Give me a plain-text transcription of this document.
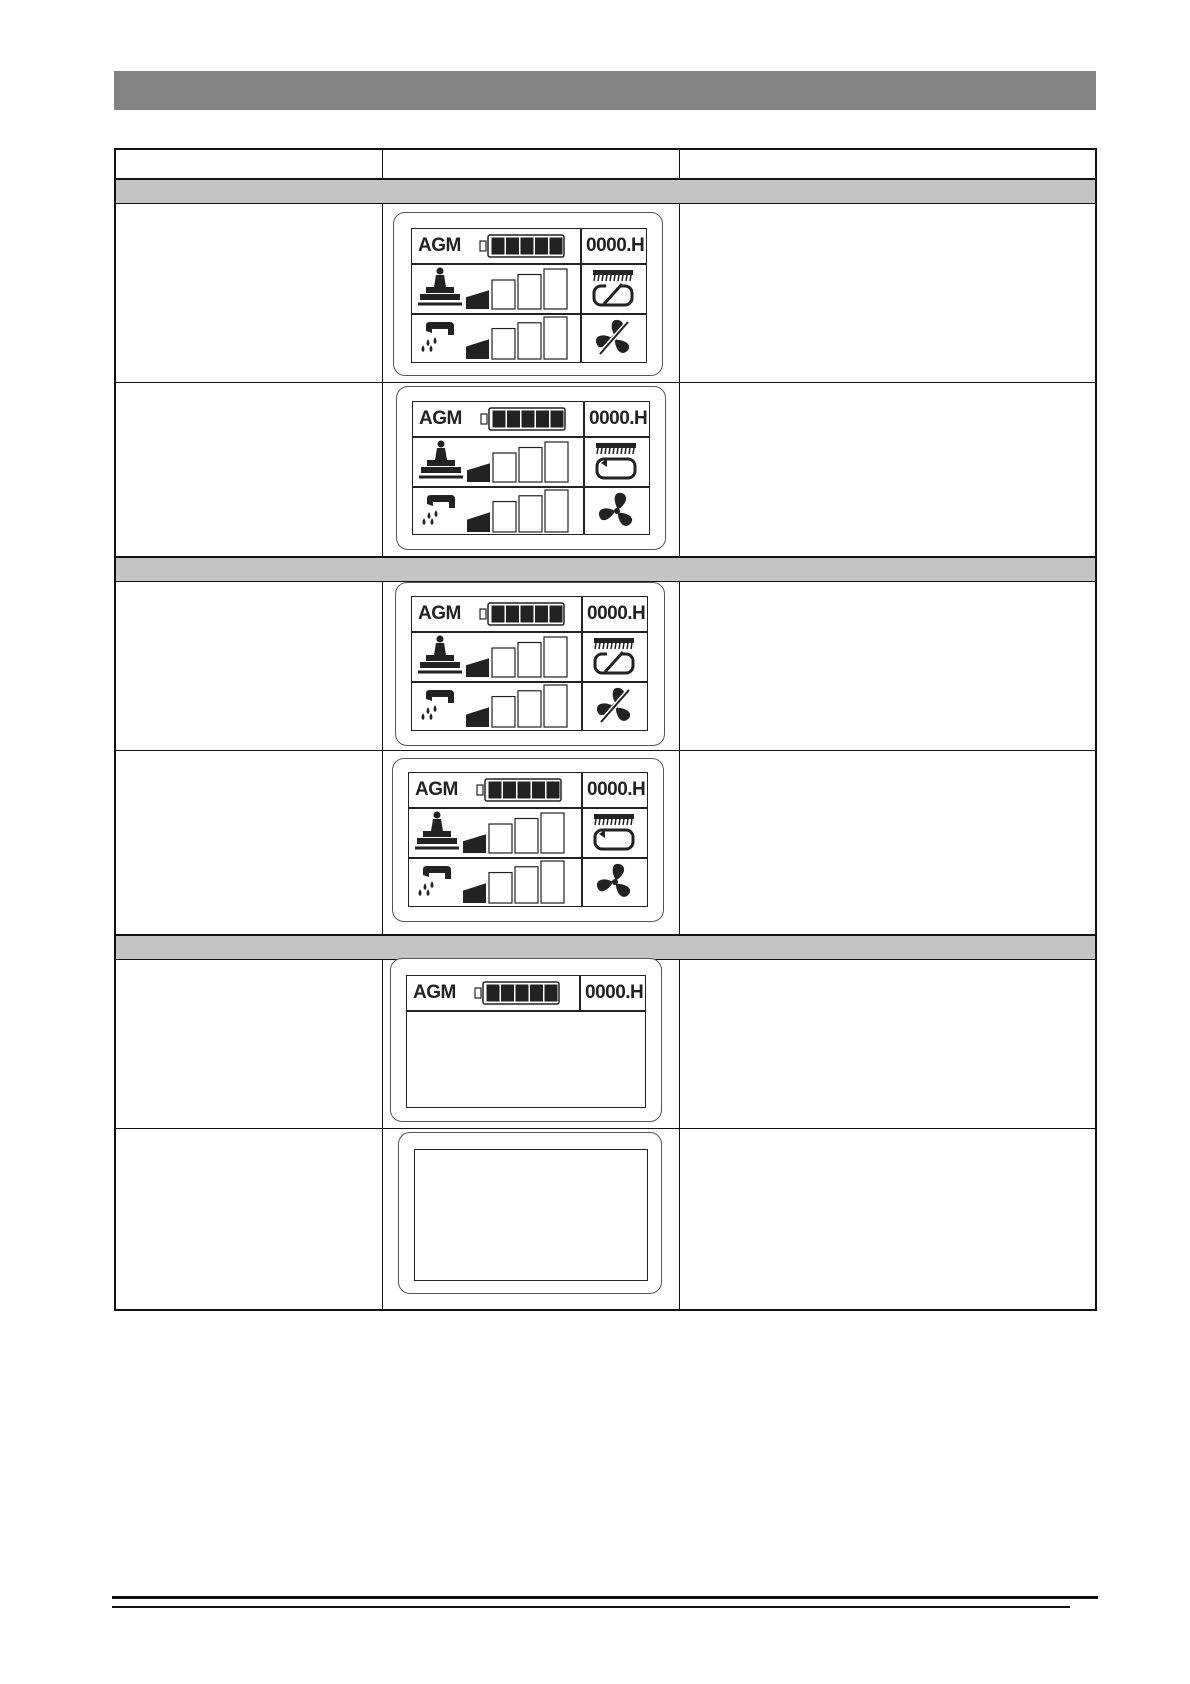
AGM	0000.H
AGM	0000.H
AGM	0000.H
AGM	0000.H
AGM	0000.H
